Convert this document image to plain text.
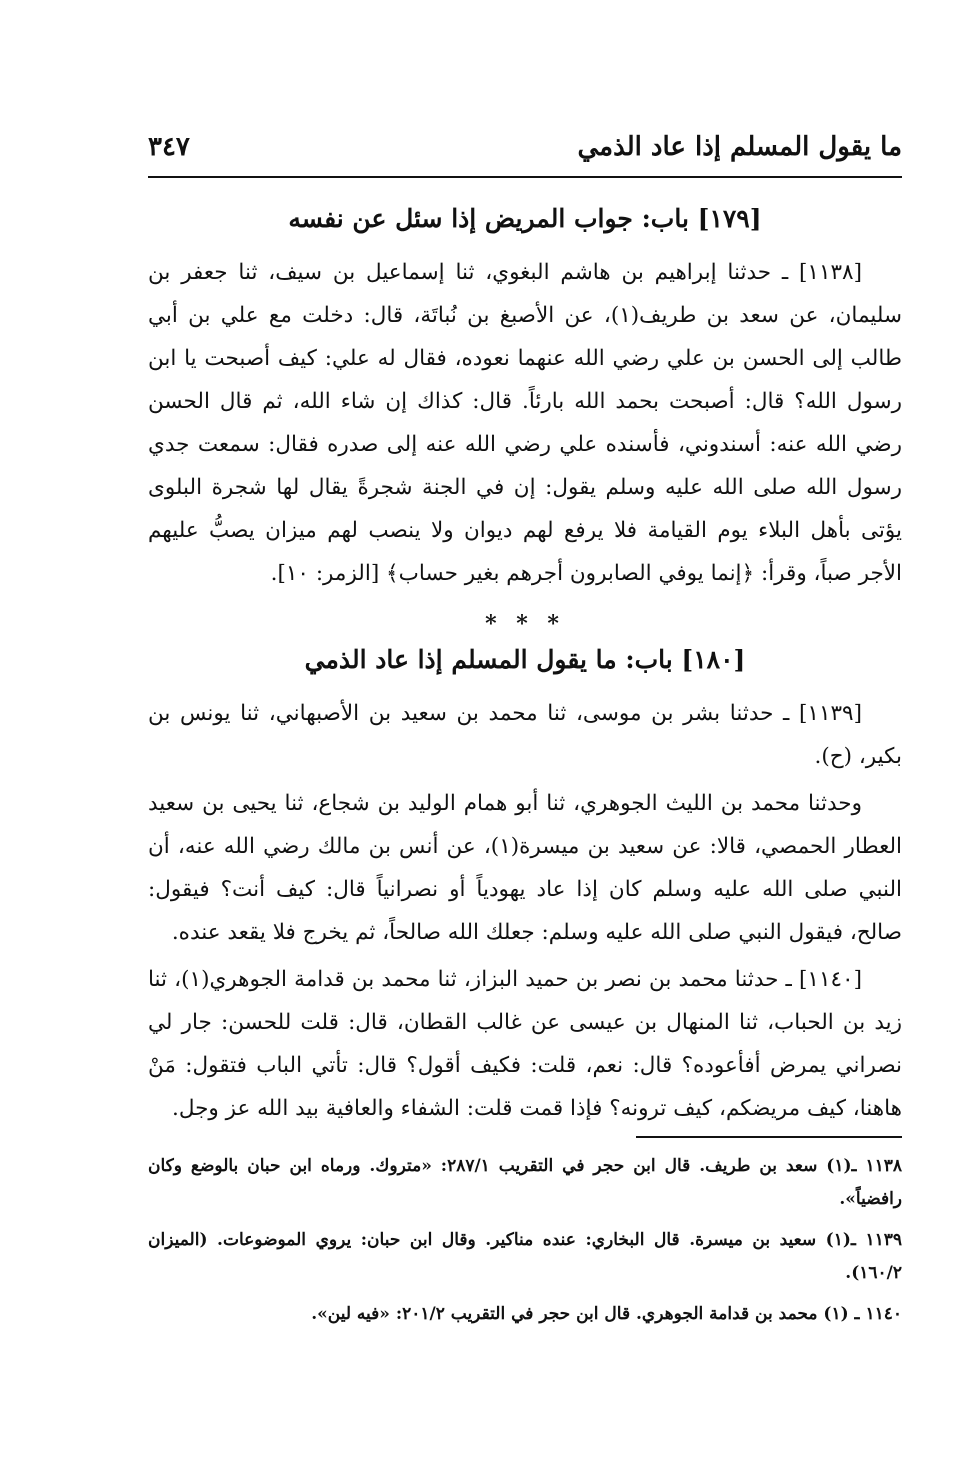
ما يقول المسلم إذا عاد الذمي
٣٤٧
[١٧٩] باب: جواب المريض إذا سئل عن نفسه

[١١٣٨] ـ حدثنا إبراهيم بن هاشم البغوي، ثنا إسماعيل بن سيف، ثنا جعفر بن سليمان، عن سعد بن طريف(١)، عن الأصبغ بن نُباتَة، قال: دخلت مع علي بن أبي طالب إلى الحسن بن علي رضي الله عنهما نعوده، فقال له علي: كيف أصبحت يا ابن رسول الله؟ قال: أصبحت بحمد الله بارئاً. قال: كذاك إن شاء الله، ثم قال الحسن رضي الله عنه: أسندوني، فأسنده علي رضي الله عنه إلى صدره فقال: سمعت جدي رسول الله صلى الله عليه وسلم يقول: إن في الجنة شجرةً يقال لها شجرة البلوى يؤتى بأهل البلاء يوم القيامة فلا يرفع لهم ديوان ولا ينصب لهم ميزان يصبُّ عليهم الأجر صباً، وقرأ: ﴿إنما يوفي الصابرون أجرهم بغير حساب﴾ [الزمر: ١٠].

* * *
[١٨٠] باب: ما يقول المسلم إذا عاد الذمي

[١١٣٩] ـ حدثنا بشر بن موسى، ثنا محمد بن سعيد بن الأصبهاني، ثنا يونس بن بكير، (ح).

وحدثنا محمد بن الليث الجوهري، ثنا أبو همام الوليد بن شجاع، ثنا يحيى بن سعيد العطار الحمصي، قالا: عن سعيد بن ميسرة(١)، عن أنس بن مالك رضي الله عنه، أن النبي صلى الله عليه وسلم كان إذا عاد يهودياً أو نصرانياً قال: كيف أنت؟ فيقول: صالح، فيقول النبي صلى الله عليه وسلم: جعلك الله صالحاً، ثم يخرج فلا يقعد عنده.

[١١٤٠] ـ حدثنا محمد بن نصر بن حميد البزاز، ثنا محمد بن قدامة الجوهري(١)، ثنا زيد بن الحباب، ثنا المنهال بن عيسى عن غالب القطان، قال: قلت للحسن: جار لي نصراني يمرض أفأعوده؟ قال: نعم، قلت: فكيف أقول؟ قال: تأتي الباب فتقول: مَنْ هاهنا، كيف مريضكم، كيف ترونه؟ فإذا قمت قلت: الشفاء والعافية بيد الله عز وجل.

١١٣٨ ـ(١) سعد بن طريف. قال ابن حجر في التقريب ٢٨٧/١: «متروك. ورماه ابن حبان بالوضع وكان رافضياً».

١١٣٩ ـ(١) سعيد بن ميسرة. قال البخاري: عنده مناكير. وقال ابن حبان: يروي الموضوعات. (الميزان ١٦٠/٢).

١١٤٠ ـ (١) محمد بن قدامة الجوهري. قال ابن حجر في التقريب ٢٠١/٢: «فيه لين».
